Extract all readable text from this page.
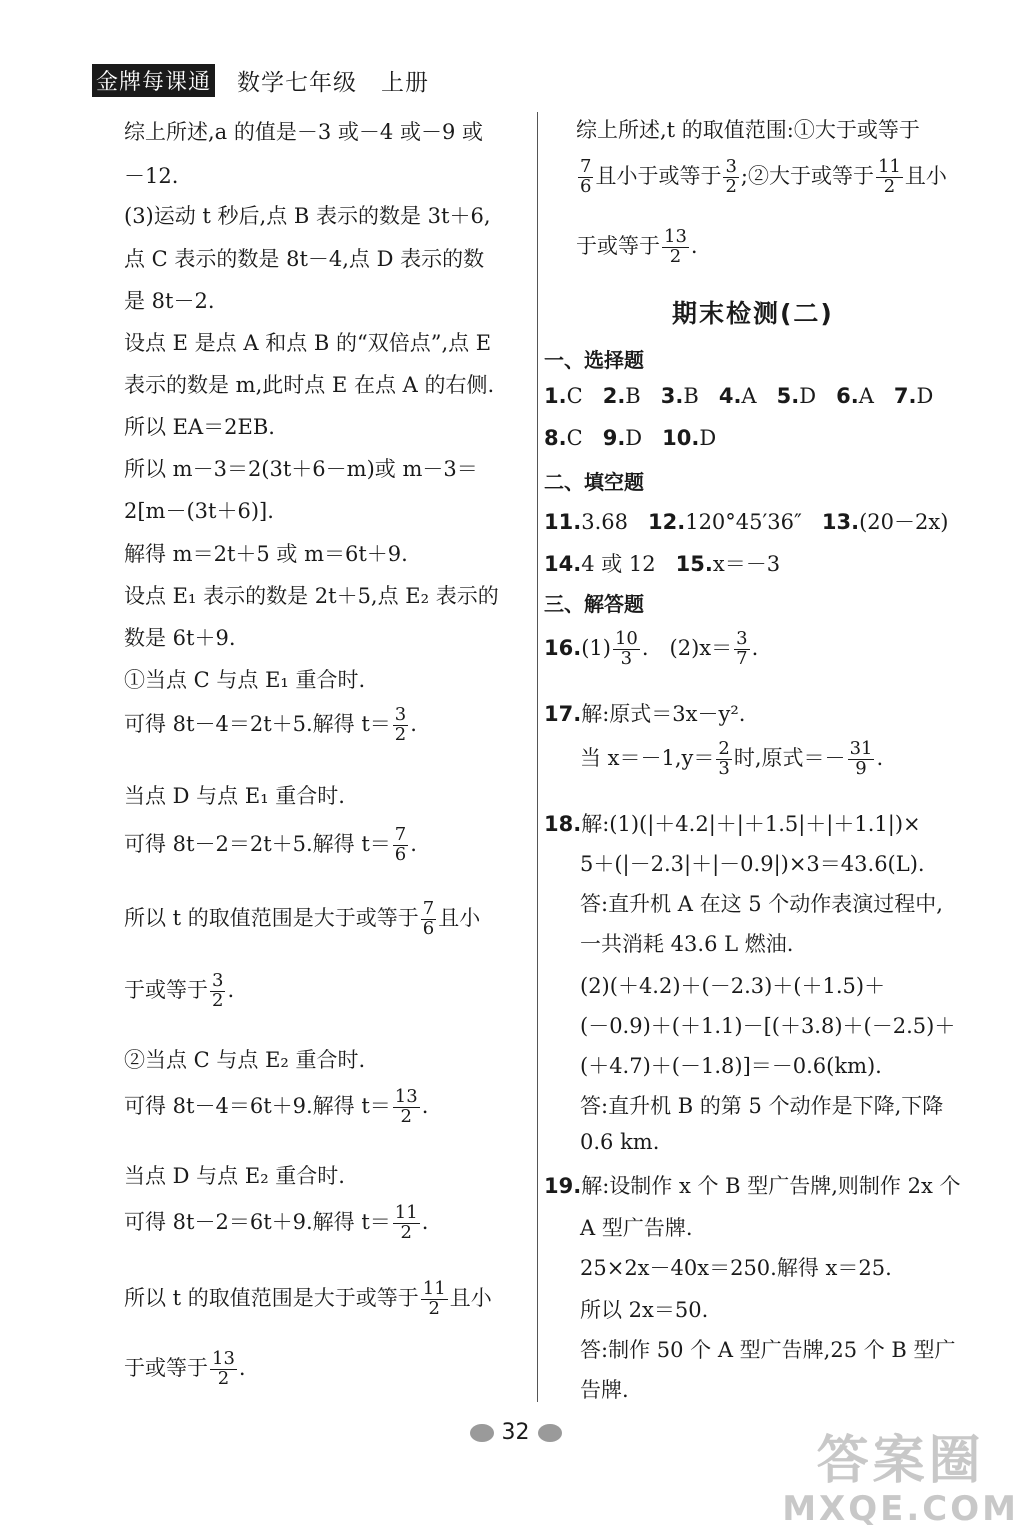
金牌每课通 数学七年级　上册
综上所述,a 的值是－3 或－4 或－9 或
－12.
(3)运动 t 秒后,点 B 表示的数是 3t＋6,
点 C 表示的数是 8t－4,点 D 表示的数
是 8t－2.
设点 E 是点 A 和点 B 的“双倍点”,点 E
表示的数是 m,此时点 E 在点 A 的右侧.
所以 EA＝2EB.
所以 m－3＝2(3t＋6－m)或 m－3＝
2[m－(3t＋6)].
解得 m＝2t＋5 或 m＝6t＋9.
设点 E₁ 表示的数是 2t＋5,点 E₂ 表示的
数是 6t＋9.
①当点 C 与点 E₁ 重合时.
可得 8t－4＝2t＋5.解得 $t= \frac{3}{2}$ .
当点 D 与点 E₁ 重合时.
可得 8t－2＝2t＋5.解得 $t= \frac{7}{6}$ .
所以 t 的取值范围是大于或等于 $\frac{7}{6}$ 且小
于或等于 $\frac{3}{2}$ .
②当点 C 与点 E₂ 重合时.
可得 8t－4＝6t＋9.解得 $t= \frac{13}{2}$ .
当点 D 与点 E₂ 重合时.
可得 8t－2＝6t＋9.解得 $t= \frac{11}{2}$ .
所以 t 的取值范围是大于或等于 $\frac{11}{2}$ 且小
于或等于 $\frac{13}{2}$ .
综上所述,t 的取值范围:①大于或等于
$\frac{7}{6}$ 且小于或等于 $\frac{3}{2}$ ;②大于或等于 $\frac{11}{2}$ 且小
于或等于 $\frac{13}{2}$ .
期末检测(二)
一、选择题
1.C 2.B 3.B 4.A 5.D 6.A 7.D
8.C 9.D 10.D
二、填空题
11.3.68 12.120°45′36″ 13.(20－2x)
14.4 或 12 15.x＝－3
三、解答题
$16.(1) \frac{10}{3}$ .　$(2)x= \frac{3}{7}$ .
17.解:原式＝3x－y².
当 $x=-1,y= \frac{2}{3}$ 时,原式＝－ $\frac{31}{9}$ .
18.解:(1)(|＋4.2|＋|＋1.5|＋|＋1.1|)×
5＋(|－2.3|＋|－0.9|)×3＝43.6(L).
答:直升机 A 在这 5 个动作表演过程中,
一共消耗 43.6 L 燃油.
(2)(＋4.2)＋(－2.3)＋(＋1.5)＋
(－0.9)＋(＋1.1)－[(＋3.8)＋(－2.5)＋
(＋4.7)＋(－1.8)]＝－0.6(km).
答:直升机 B 的第 5 个动作是下降,下降
0.6 km.
19.解:设制作 x 个 B 型广告牌,则制作 2x 个
A 型广告牌.
25×2x－40x＝250.解得 x＝25.
所以 2x＝50.
答:制作 50 个 A 型广告牌,25 个 B 型广
告牌.
32	答案圈
MXQE.COM
